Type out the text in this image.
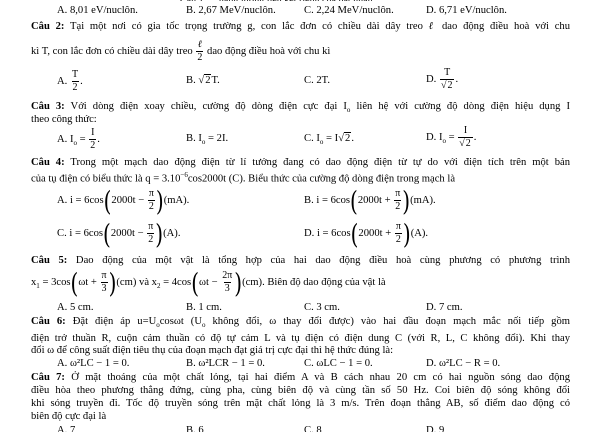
A. 8,01 eV/nuclôn.	B. 2,67 MeV/nuclôn.	C. 2,24 MeV/nuclôn.	D. 6,71 eV/nuclôn.
Câu 2: Tại một nơi có gia tốc trọng trường g, con lắc đơn có chiều dài dây treo ℓ dao động điều hoà với chu
kì T, con lắc đơn có chiều dài dây treo $\frac{\text{ℓ}}{2}$ dao động điều hoà với chu kì
A. $\frac{T}{2}$ .	B. √2T.	C. 2T.	D. $\frac{T}{√2}$ .
Câu 3: Với dòng điện xoay chiều, cường độ dòng điện cực đại $I_o$ liên hệ với cường độ dòng điện hiệu dụng I
theo công thức:
A. $I_o = \frac{I}{2}$ .	B. $I_o = 2I$.	C. $I_o = I√2$.	D. $I_o = \frac{I}{√2}$ .
Câu 4: Trong một mạch dao động điện từ lí tưởng đang có dao động điện từ tự do với điện tích trên một bản
của tụ điện có biểu thức là $q = 3.10^{-6}\cos 2000t$ (C). Biểu thức của cường độ dòng điện trong mạch là
A. $i = 6\cos(2000t - \frac{\pi}{2} )(mA)$.	B. $i = 6\cos(2000t + \frac{\pi}{2} )(mA)$.
C. $i = 6\cos(2000t - \frac{\pi}{2} )(A)$.	D. $i = 6\cos(2000t + \frac{\pi}{2} )(A)$.
Câu 5: Dao động của một vật là tổng hợp của hai dao động điều hoà cùng phương có phương trình
$x_1 = 3\cos(\omega t + \frac{\pi}{3} )(cm)$ và $x_2 = 4\cos(\omega t - \frac{2\pi}{3} )(cm)$. Biên độ dao động của vật là
A. 5 cm.	B. 1 cm.	C. 3 cm.	D. 7 cm.
Câu 6: Đặt điện áp $u=U_o\cos\omega t$ ($U_o$ không đổi, ω thay đổi được) vào hai đầu đoạn mạch mắc nối tiếp gồm
điện trở thuần R, cuộn cảm thuần có độ tự cảm L và tụ điện có điện dung C (với R, L, C không đổi). Khi thay
đổi ω để công suất điện tiêu thụ của đoạn mạch đạt giá trị cực đại thì hệ thức đúng là:
A. ω²LC − 1 = 0.	B. ω²LCR − 1 = 0.	C. ωLC − 1 = 0.	D. ω²LC − R = 0.
Câu 7: Ở mặt thoáng của một chất lỏng, tại hai điểm A và B cách nhau 20 cm có hai nguồn sóng dao động
điều hòa theo phương thẳng đứng, cùng pha, cùng biên độ và cùng tần số 50 Hz. Coi biên độ sóng không đổi
khi sóng truyền đi. Tốc độ truyền sóng trên mặt chất lỏng là 3 m/s. Trên đoạn thẳng AB, số điểm dao động có
biên độ cực đại là
A. 7	B. 6	C. 8	D. 9
